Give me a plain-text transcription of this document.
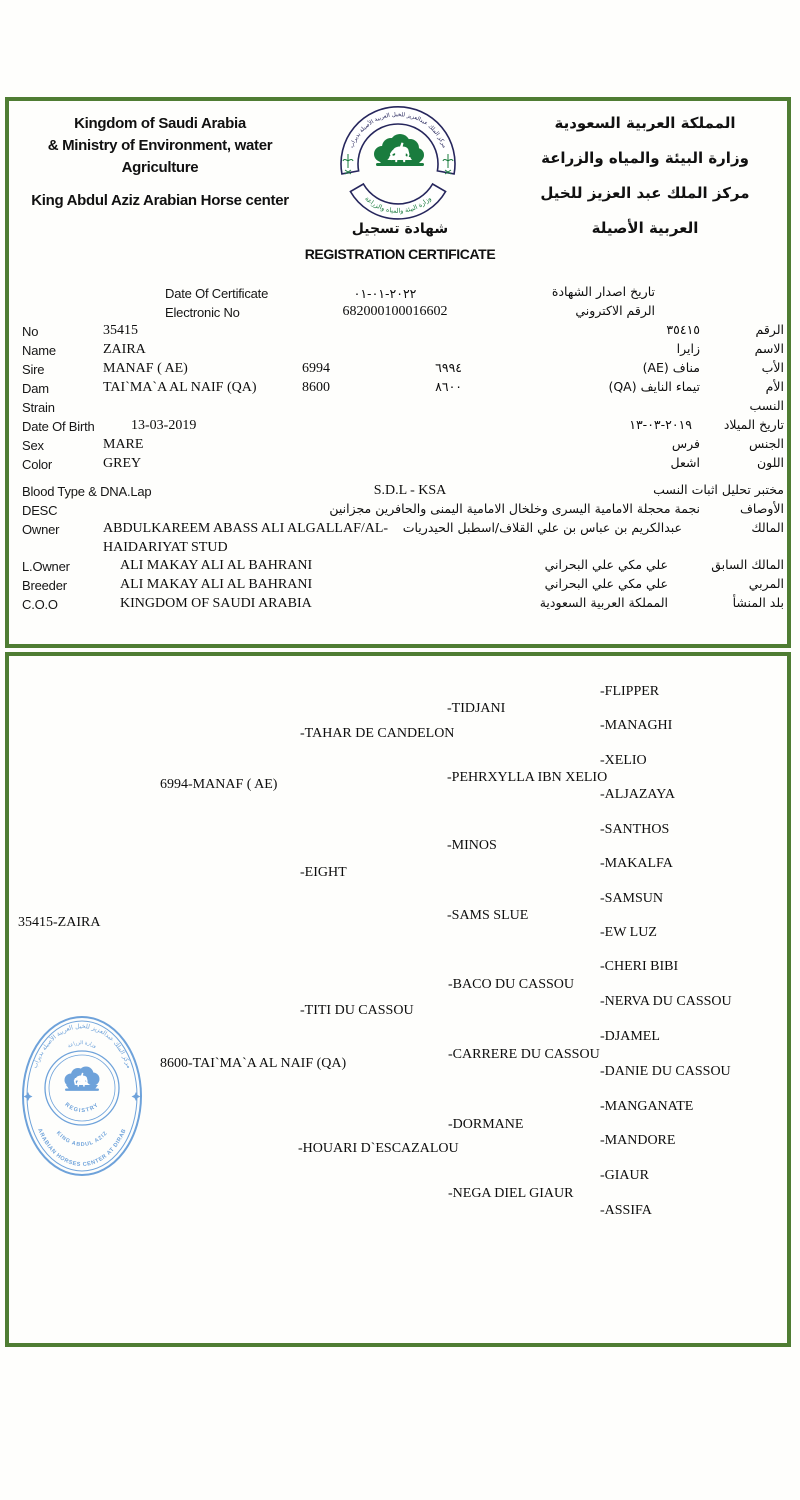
Kingdom of Saudi Arabia
& Ministry of Environment, water
Agriculture
King Abdul Aziz Arabian Horse center
المملكة العربية السعودية
وزارة البيئة والمياه والزراعة
مركز الملك عبد العزيز للخيل العربية الأصيلة
مركز الملك عبدالعزيز للخيل العربية الأصيلة بديراب
وزارة البيئة والمياه والزراعة
شهادة تسجيل
REGISTRATION CERTIFICATE
Date Of Certificate	٢٠٢٢-٠١-٠١	تاريخ اصدار الشهادة
Electronic No	682000100016602	الرقم الاكتروني
No	35415	٣٥٤١٥	الرقم
Name	ZAIRA	زايرا	الاسم
Sire	MANAF ( AE)	6994	٦٩٩٤	مناف (AE)	الأب
Dam	TAI`MA`A AL NAIF (QA)	8600	٨٦٠٠	تيماء النايف (QA)	الأم
Strain	النسب
Date Of Birth	13-03-2019	٢٠١٩-٠٣-١٣	تاريخ الميلاد
Sex	MARE	فرس	الجنس
Color	GREY	اشعل	اللون
Blood Type & DNA.Lap	S.D.L - KSA	مختبر تحليل اثبات النسب
DESC	نجمة محجلة الامامية اليسرى وخلخال الامامية اليمنى والحافرين مجزانين	الأوصاف
Owner	ABDULKAREEM ABASS ALI ALGALLAF/AL-
HAIDARIYAT STUD
عبدالكريم بن عباس بن علي القلاف/اسطبل الحيدريات	المالك
L.Owner	ALI MAKAY ALI AL BAHRANI	علي مكي علي البحراني	المالك السابق
Breeder	ALI MAKAY ALI AL BAHRANI	علي مكي علي البحراني	المربي
C.O.O	KINGDOM OF SAUDI ARABIA	المملكة العربية السعودية	بلد المنشأ
35415-ZAIRA
6994-MANAF ( AE)
8600-TAI`MA`A AL NAIF (QA)
-TAHAR DE CANDELON
-EIGHT
-TITI DU CASSOU
-HOUARI D`ESCAZALOU
-TIDJANI
-PEHRXYLLA IBN XELIO
-MINOS
-SAMS SLUE
-BACO DU CASSOU
-CARRERE DU CASSOU
-DORMANE
-NEGA DIEL GIAUR
-FLIPPER
-MANAGHI
-XELIO
-ALJAZAYA
-SANTHOS
-MAKALFA
-SAMSUN
-EW LUZ
-CHERI BIBI
-NERVA DU CASSOU
-DJAMEL
-DANIE DU CASSOU
-MANGANATE
-MANDORE
-GIAUR
-ASSIFA
مركز الملك عبدالعزيز للخيل العربية الأصيلة بديراب
ARABIAN HORSES CENTER AT DIRAB
KING ABDUL AZIZ
REGISTRY
وزارة الزراعة
